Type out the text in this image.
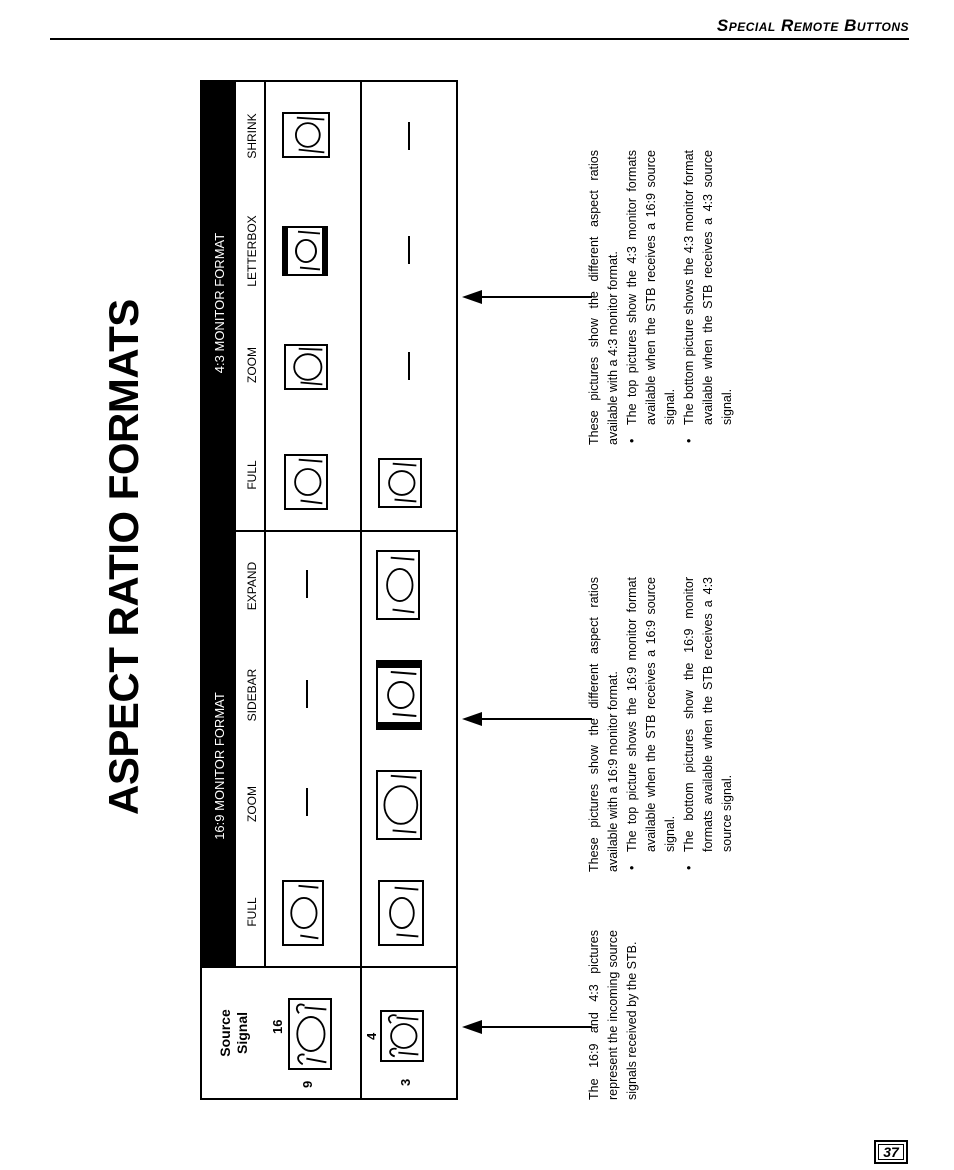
Special Remote Buttons
37
ASPECT RATIO FORMATS
Source Signal
16:9 MONITOR FORMAT
4:3 MONITOR FORMAT
FULL
ZOOM
SIDEBAR
EXPAND
FULL
ZOOM
LETTERBOX
SHRINK
16
9
4
3	The 16:9 and 4:3 pictures represent the incoming source signals received by the STB.
These pictures show the different aspect ratios available with a 16:9 monitor format. • The top picture shows the 16:9 monitor format available when the STB receives a 16:9 source signal. • The bottom pictures show the 16:9 monitor formats available when the STB receives a 4:3 source signal.
These pictures show the different aspect ratios available with a 4:3 monitor format. • The top pictures show the 4:3 monitor formats available when the STB receives a 16:9 source signal. • The bottom picture shows the 4:3 monitor format available when the STB receives a 4:3 source signal.
